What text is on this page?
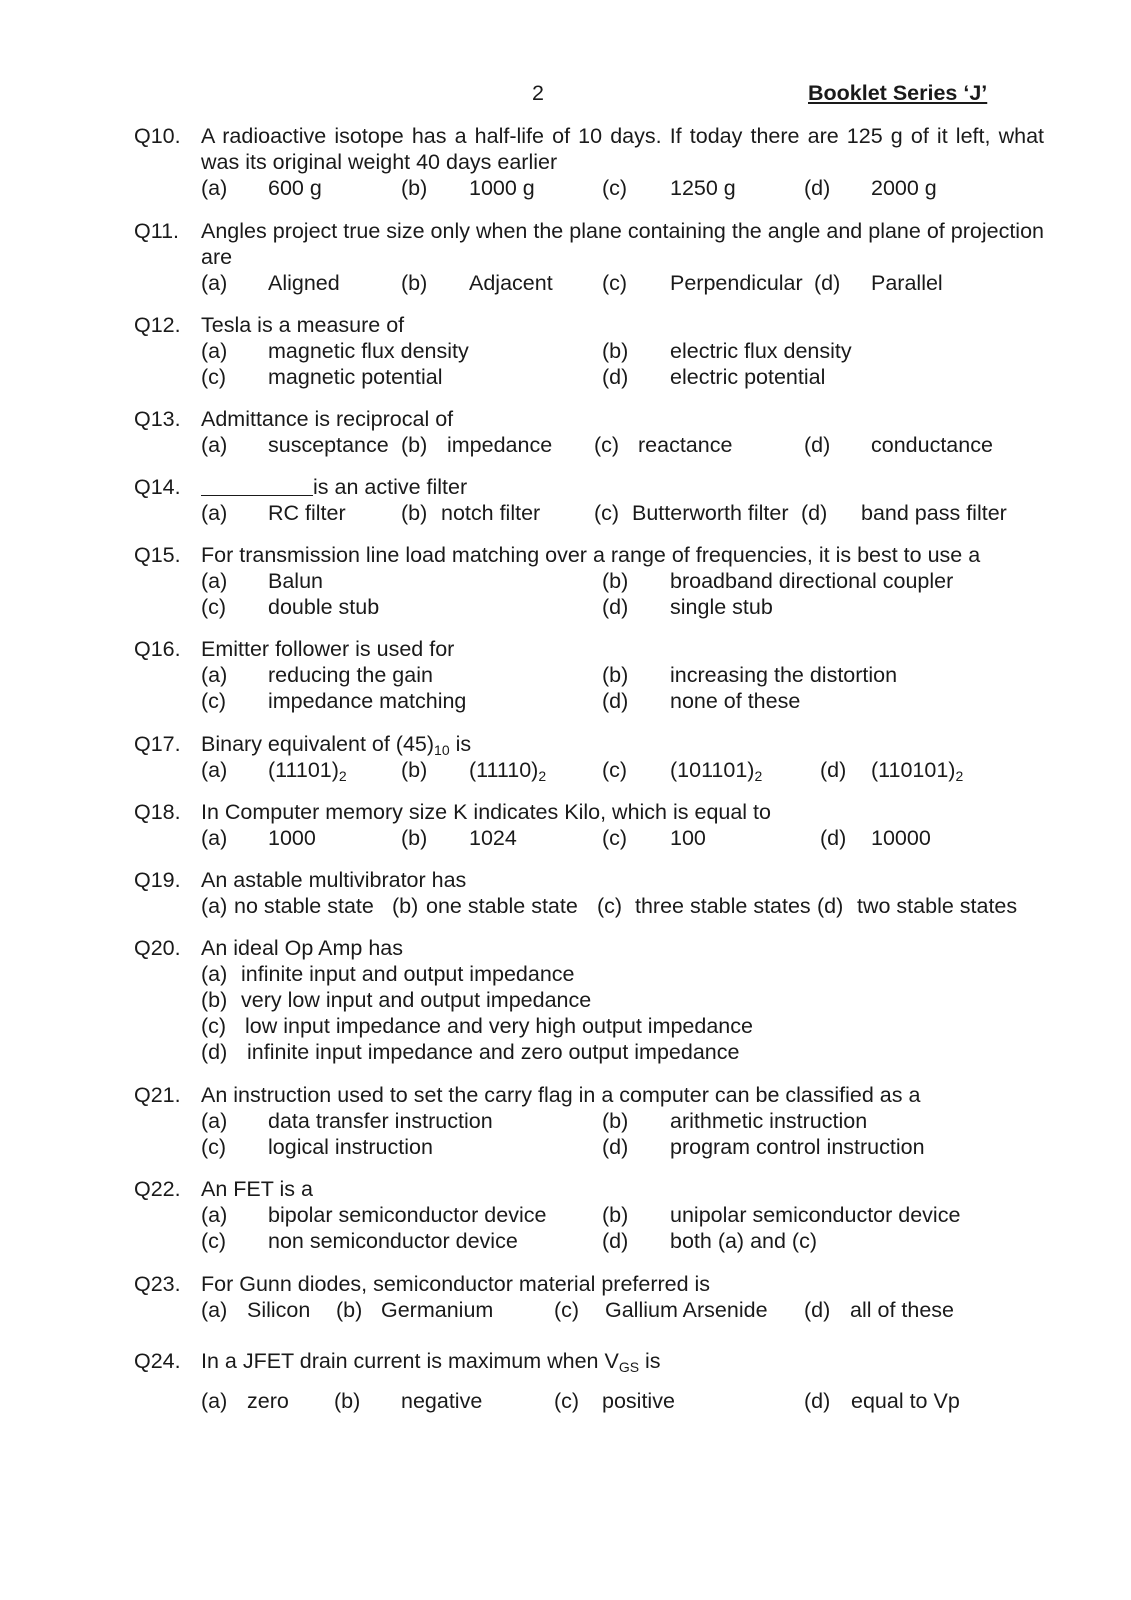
2	Booklet Series ‘J’
Q10. A radioactive isotope has a half-life of 10 days. If today there are 125 g of it left, what was its original weight 40 days earlier
(a) 600 g	(b) 1000 g	(c) 1250 g	(d) 2000 g
Q11. Angles project true size only when the plane containing the angle and plane of projection are
(a) Aligned	(b) Adjacent (c) Perpendicular (d) Parallel
Q12. Tesla is a measure of
(a) magnetic flux density	(b) electric flux density
(c) magnetic potential	(d) electric potential
Q13. Admittance is reciprocal of
(a) susceptance (b) impedance (c) reactance	(d) conductance
Q14.	is an active filter
(a) RC filter	(b) notch filter	(c) Butterworth filter (d) band pass filter
Q15. For transmission line load matching over a range of frequencies, it is best to use a
(a) Balun	(b) broadband directional coupler
(c) double stub	(d) single stub
Q16. Emitter follower is used for
(a) reducing the gain	(b) increasing the distortion
(c) impedance matching	(d) none of these
Q17. Binary equivalent of $(45)_{10}$ is
(a) $(11101)_2$	(b) $(11110)_2$	(c) $(101101)_2$	(d) $(110101)_2$
Q18. In Computer memory size K indicates Kilo, which is equal to
(a) 1000	(b) 1024	(c) 100	(d) 10000
Q19. An astable multivibrator has
(a) no stable state (b) one stable state (c) three stable states (d) two stable states
Q20. An ideal Op Amp has
(a) infinite input and output impedance
(b) very low input and output impedance
(c) low input impedance and very high output impedance
(d) infinite input impedance and zero output impedance
Q21. An instruction used to set the carry flag in a computer can be classified as a
(a) data transfer instruction	(b) arithmetic instruction
(c) logical instruction	(d) program control instruction
Q22. An FET is a
(a) bipolar semiconductor device	(b) unipolar semiconductor device
(c) non semiconductor device	(d) both (a) and (c)
Q23. For Gunn diodes, semiconductor material preferred is
(a) Silicon (b) Germanium	(c) Gallium Arsenide (d) all of these
Q24. In a JFET drain current is maximum when $V_{GS}$ is
(a) zero (b) negative	(c) positive	(d) equal to Vp
